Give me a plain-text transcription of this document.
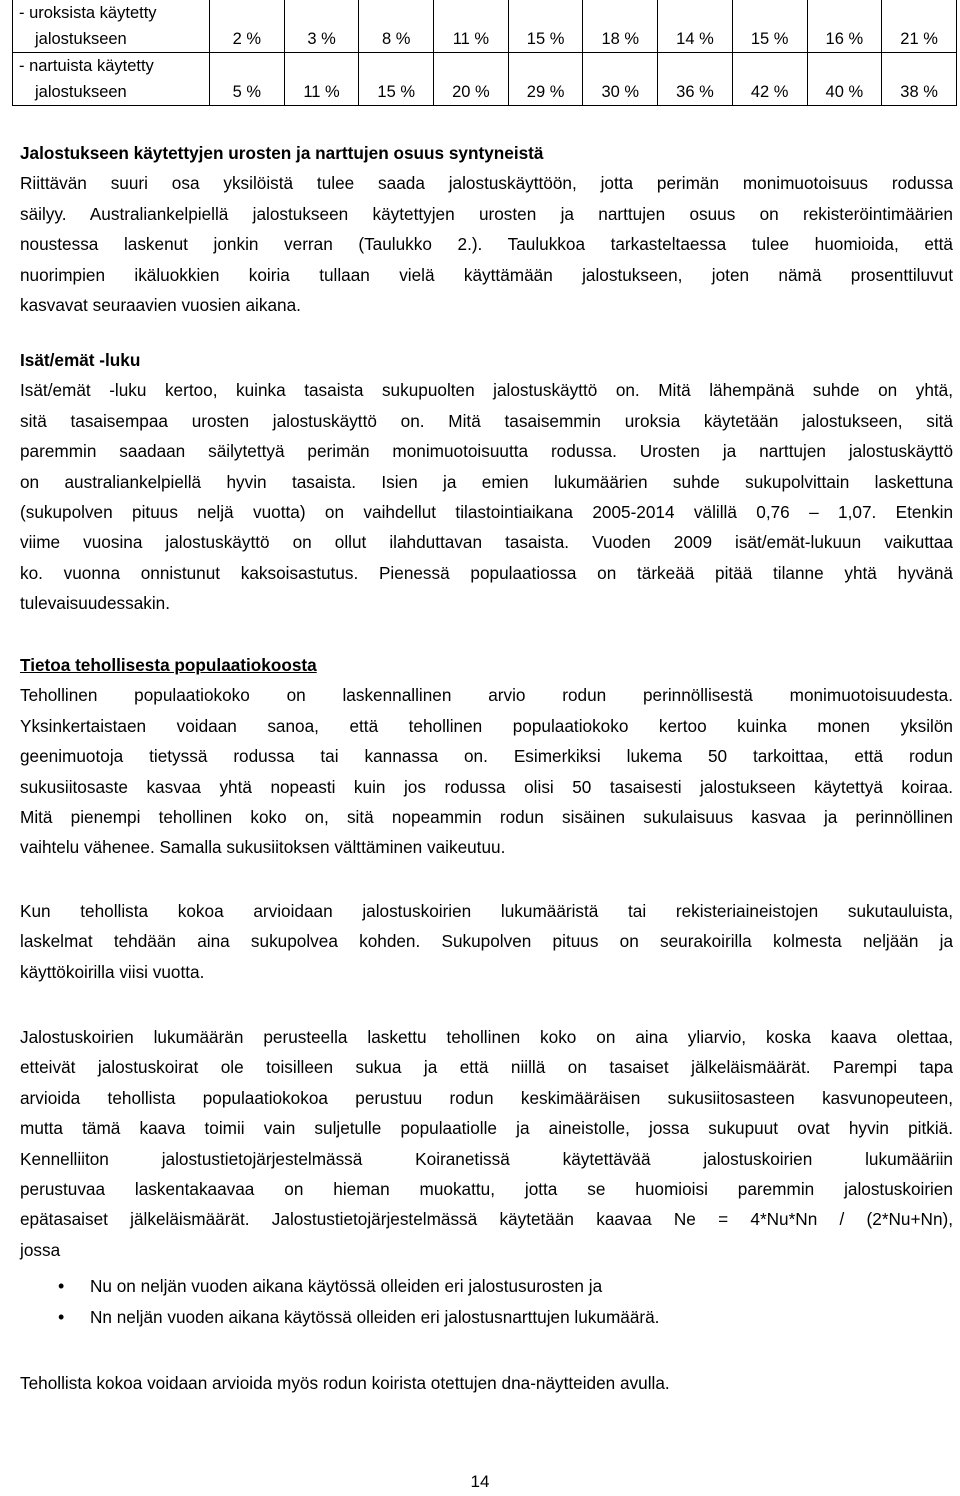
- uroksista käytetty
jalostukseen	2 %	3 %	8 %	11 %	15 %	18 %	14 %	15 %	16 %	21 %

- nartuista käytetty
jalostukseen	5 %	11 %	15 %	20 %	29 %	30 %	36 %	42 %	40 %	38 %
Jalostukseen käytettyjen urosten ja narttujen osuus syntyneistä
Riittävän suuri osa yksilöistä tulee saada jalostuskäyttöön, jotta perimän monimuotoisuus rodussa
säilyy. Australiankelpiellä jalostukseen käytettyjen urosten ja narttujen osuus on rekisteröintimäärien
noustessa laskenut jonkin verran (Taulukko 2.). Taulukkoa tarkasteltaessa tulee huomioida, että
nuorimpien ikäluokkien koiria tullaan vielä käyttämään jalostukseen, joten nämä prosenttiluvut
kasvavat seuraavien vuosien aikana.
Isät/emät -luku
Isät/emät -luku kertoo, kuinka tasaista sukupuolten jalostuskäyttö on. Mitä lähempänä suhde on yhtä,
sitä tasaisempaa urosten jalostuskäyttö on. Mitä tasaisemmin uroksia käytetään jalostukseen, sitä
paremmin saadaan säilytettyä perimän monimuotoisuutta rodussa. Urosten ja narttujen jalostuskäyttö
on australiankelpiellä hyvin tasaista. Isien ja emien lukumäärien suhde sukupolvittain laskettuna
(sukupolven pituus neljä vuotta) on vaihdellut tilastointiaikana 2005-2014 välillä 0,76 – 1,07. Etenkin
viime vuosina jalostuskäyttö on ollut ilahduttavan tasaista. Vuoden 2009 isät/emät-lukuun vaikuttaa
ko. vuonna onnistunut kaksoisastutus. Pienessä populaatiossa on tärkeää pitää tilanne yhtä hyvänä
tulevaisuudessakin.
Tietoa tehollisesta populaatiokoosta
Tehollinen populaatiokoko on laskennallinen arvio rodun perinnöllisestä monimuotoisuudesta.
Yksinkertaistaen voidaan sanoa, että tehollinen populaatiokoko kertoo kuinka monen yksilön
geenimuotoja tietyssä rodussa tai kannassa on. Esimerkiksi lukema 50 tarkoittaa, että rodun
sukusiitosaste kasvaa yhtä nopeasti kuin jos rodussa olisi 50 tasaisesti jalostukseen käytettyä koiraa.
Mitä pienempi tehollinen koko on, sitä nopeammin rodun sisäinen sukulaisuus kasvaa ja perinnöllinen
vaihtelu vähenee. Samalla sukusiitoksen välttäminen vaikeutuu.
Kun tehollista kokoa arvioidaan jalostuskoirien lukumääristä tai rekisteriaineistojen sukutauluista,
laskelmat tehdään aina sukupolvea kohden. Sukupolven pituus on seurakoirilla kolmesta neljään ja
käyttökoirilla viisi vuotta.
Jalostuskoirien lukumäärän perusteella laskettu tehollinen koko on aina yliarvio, koska kaava olettaa,
etteivät jalostuskoirat ole toisilleen sukua ja että niillä on tasaiset jälkeläismäärät. Parempi tapa
arvioida tehollista populaatiokokoa perustuu rodun keskimääräisen sukusiitosasteen kasvunopeuteen,
mutta tämä kaava toimii vain suljetulle populaatiolle ja aineistolle, jossa sukupuut ovat hyvin pitkiä.
Kennelliiton jalostustietojärjestelmässä Koiranetissä käytettävää jalostuskoirien lukumääriin
perustuvaa laskentakaavaa on hieman muokattu, jotta se huomioisi paremmin jalostuskoirien
epätasaiset jälkeläismäärät. Jalostustietojärjestelmässä käytetään kaavaa Ne = 4*Nu*Nn / (2*Nu+Nn),
jossa
• Nu on neljän vuoden aikana käytössä olleiden eri jalostusurosten ja
• Nn neljän vuoden aikana käytössä olleiden eri jalostusnarttujen lukumäärä.
Tehollista kokoa voidaan arvioida myös rodun koirista otettujen dna-näytteiden avulla.
14
